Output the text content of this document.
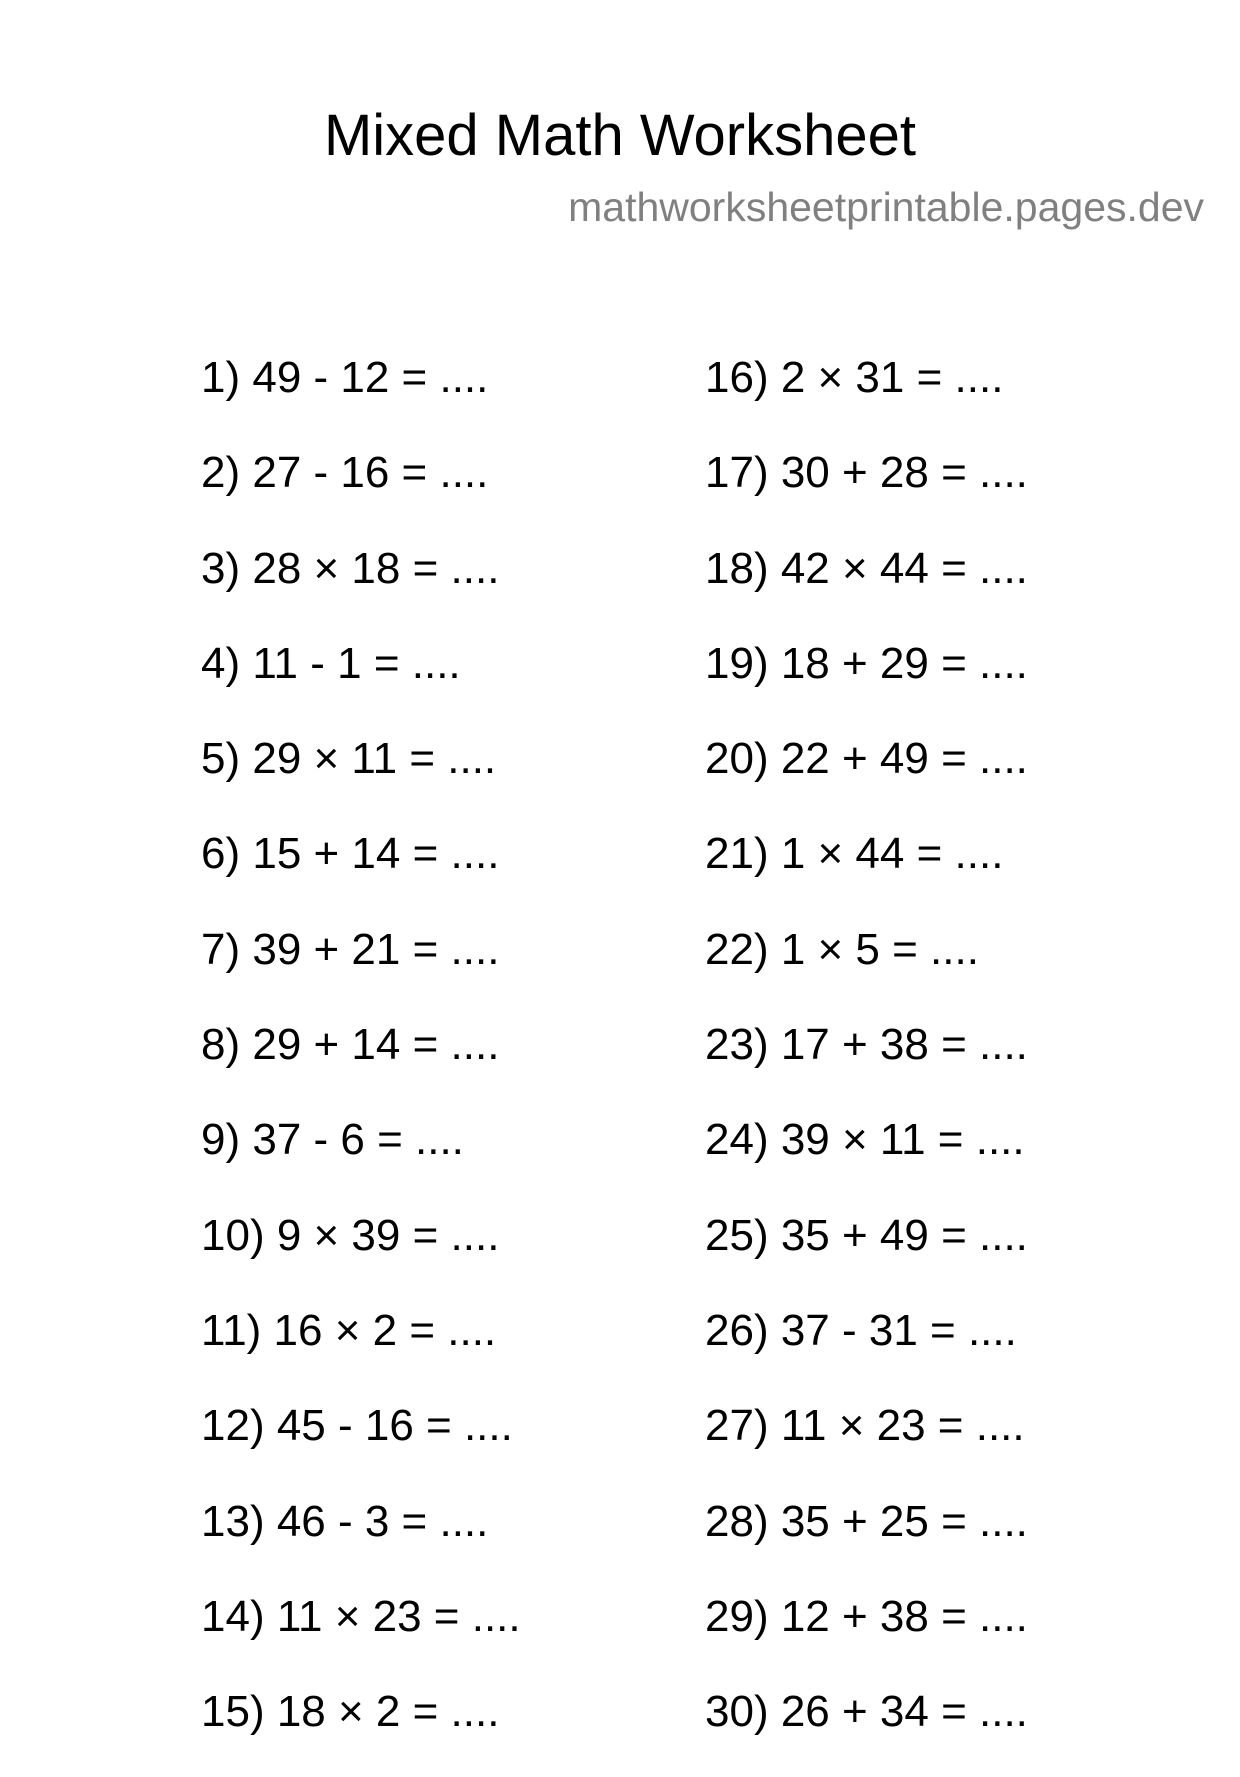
Mixed Math Worksheet
mathworksheetprintable.pages.dev
1) 49 - 12 = ....
2) 27 - 16 = ....
3) 28 × 18 = ....
4) 11 - 1 = ....
5) 29 × 11 = ....
6) 15 + 14 = ....
7) 39 + 21 = ....
8) 29 + 14 = ....
9) 37 - 6 = ....
10) 9 × 39 = ....
11) 16 × 2 = ....
12) 45 - 16 = ....
13) 46 - 3 = ....
14) 11 × 23 = ....
15) 18 × 2 = ....
16) 2 × 31 = ....
17) 30 + 28 = ....
18) 42 × 44 = ....
19) 18 + 29 = ....
20) 22 + 49 = ....
21) 1 × 44 = ....
22) 1 × 5 = ....
23) 17 + 38 = ....
24) 39 × 11 = ....
25) 35 + 49 = ....
26) 37 - 31 = ....
27) 11 × 23 = ....
28) 35 + 25 = ....
29) 12 + 38 = ....
30) 26 + 34 = ....
